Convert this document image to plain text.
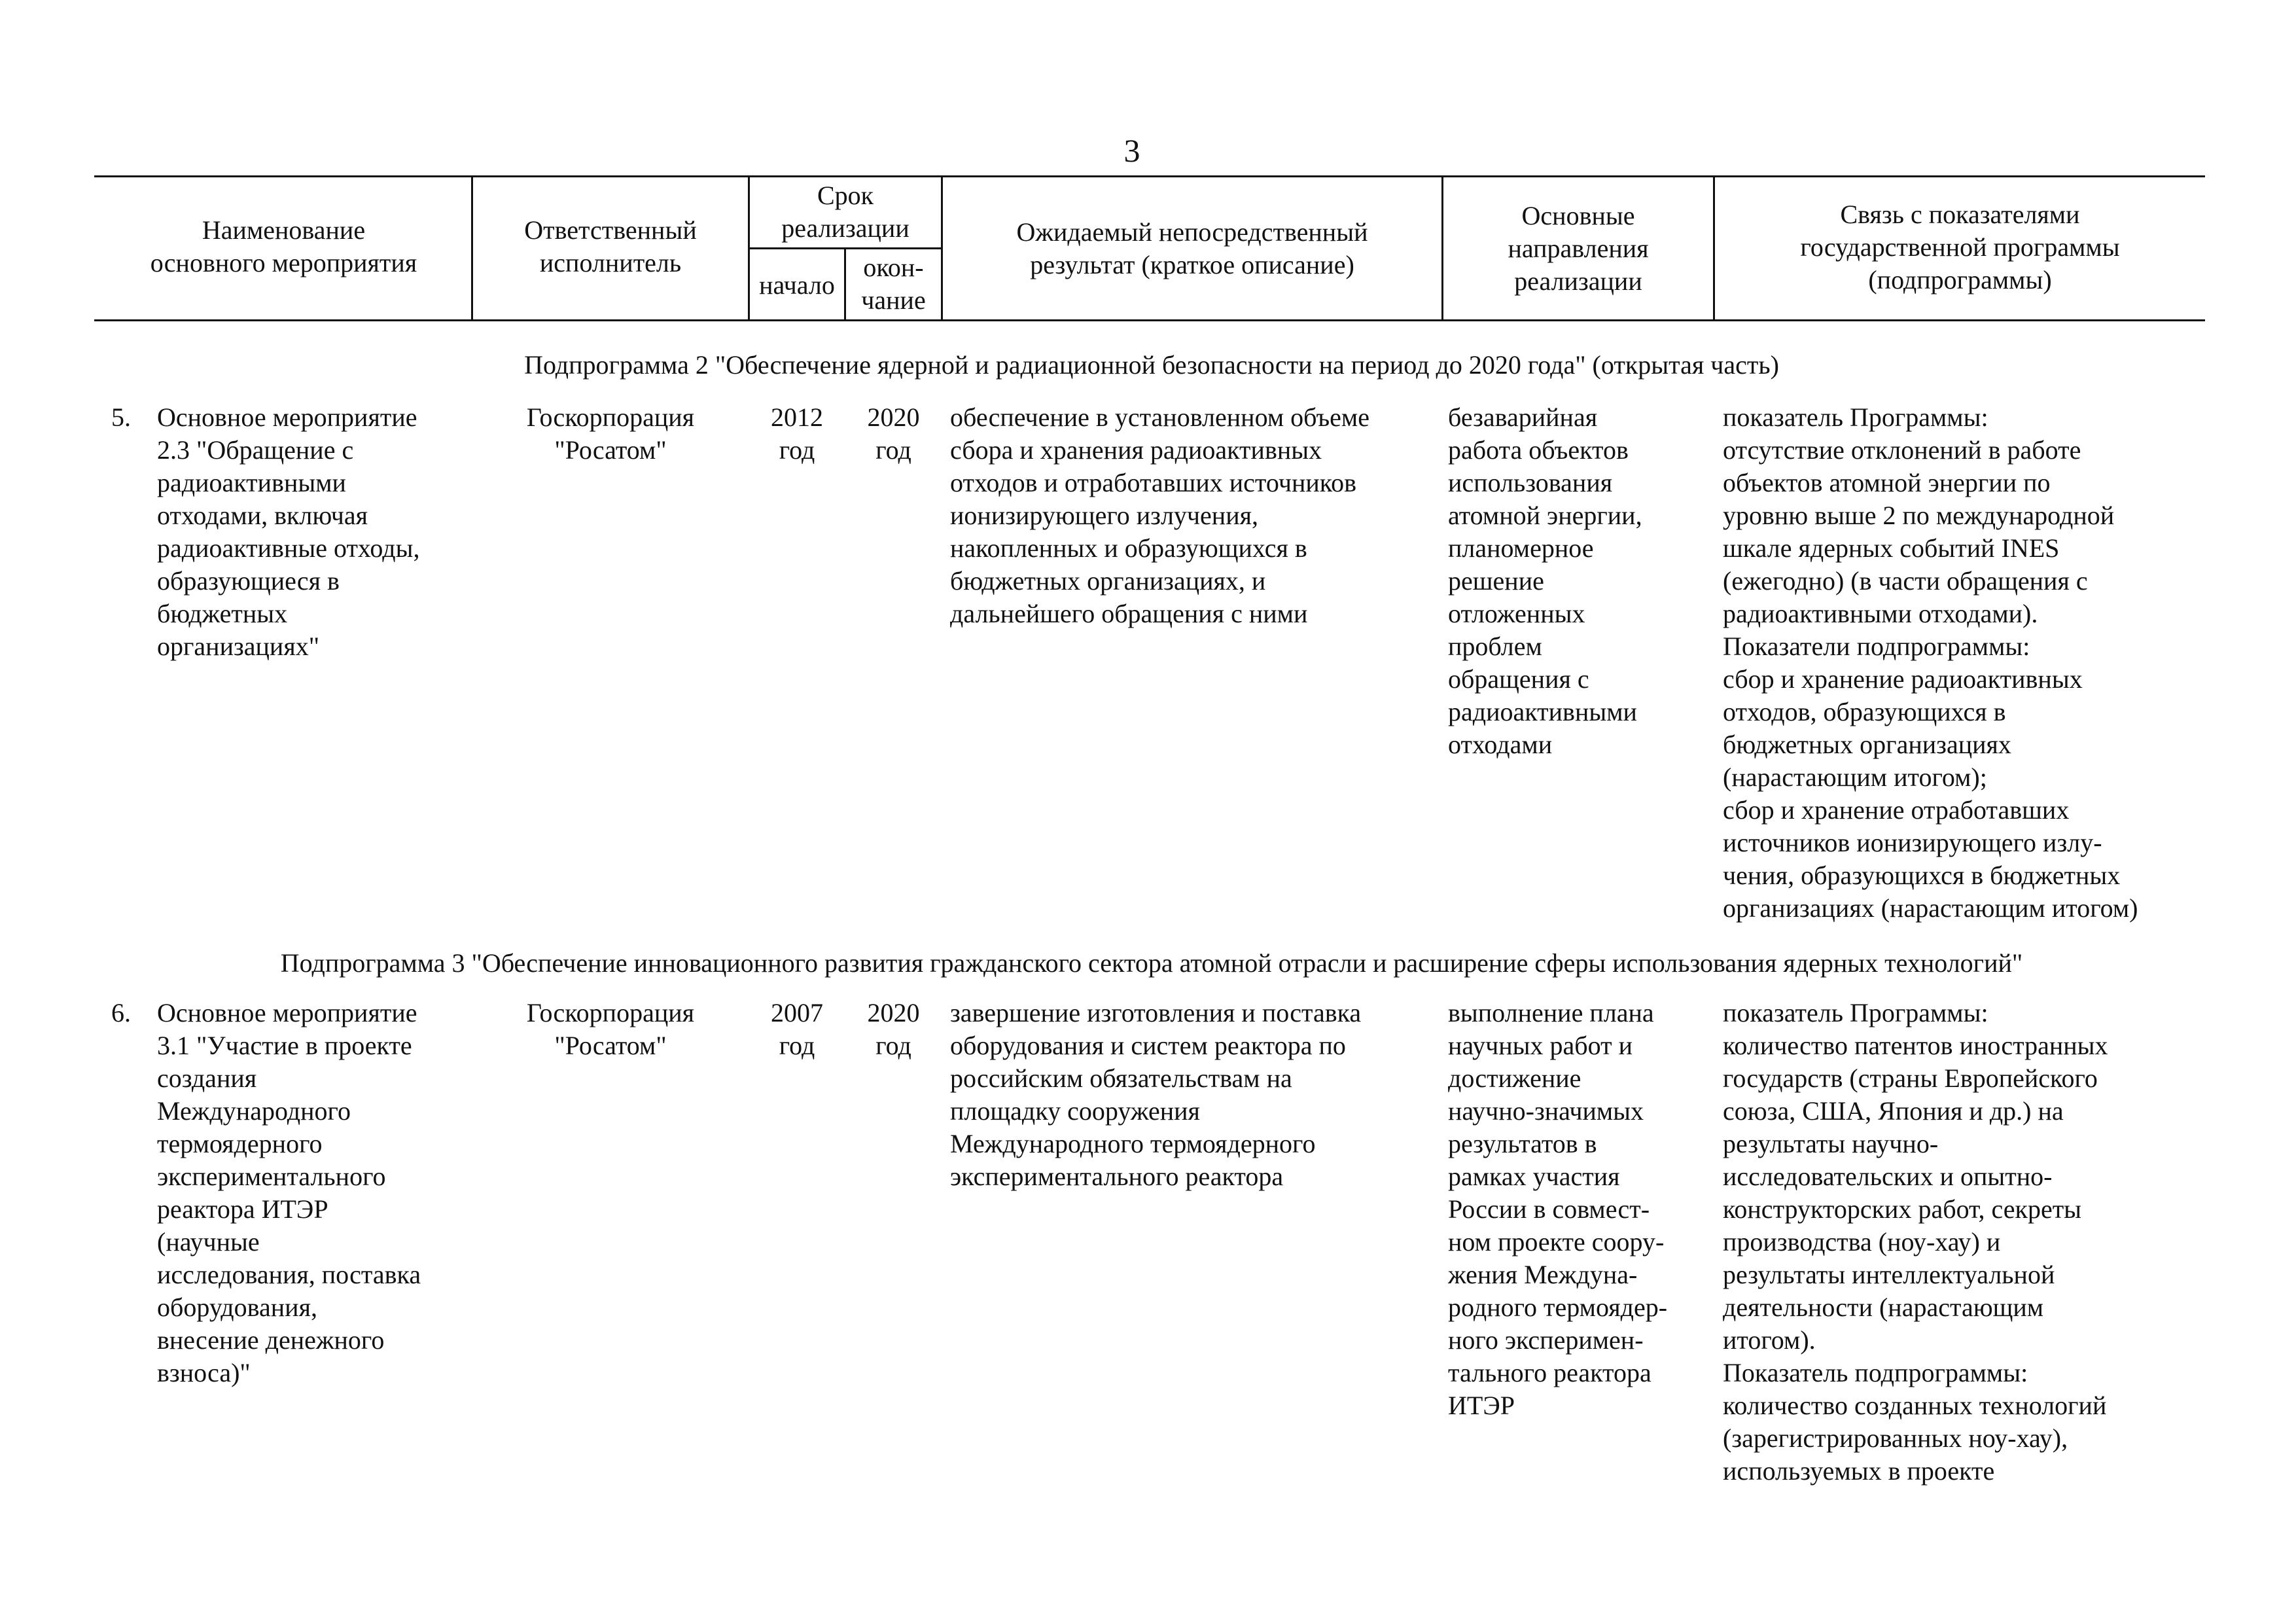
3
Наименование
основного мероприятия
Ответственный
исполнитель
Срок
реализации
начало
окон-
чание
Ожидаемый непосредственный
результат (краткое описание)
Основные
направления
реализации
Связь с показателями
государственной программы
(подпрограммы)
Подпрограмма 2 "Обеспечение ядерной и радиационной безопасности на период до 2020 года" (открытая часть)
5. Основное мероприятие
2.3 "Обращение с
радиоактивными
отходами, включая
радиоактивные отходы,
образующиеся в
бюджетных
организациях"
Госкорпорация
"Росатом"
2012
год
2020
год
обеспечение в установленном объеме
сбора и хранения радиоактивных
отходов и отработавших источников
ионизирующего излучения,
накопленных и образующихся в
бюджетных организациях, и
дальнейшего обращения с ними
безаварийная
работа объектов
использования
атомной энергии,
планомерное
решение
отложенных
проблем
обращения с
радиоактивными
отходами
показатель Программы:
отсутствие отклонений в работе
объектов атомной энергии по
уровню выше 2 по международной
шкале ядерных событий INES
(ежегодно) (в части обращения с
радиоактивными отходами).
Показатели подпрограммы:
сбор и хранение радиоактивных
отходов, образующихся в
бюджетных организациях
(нарастающим итогом);
сбор и хранение отработавших
источников ионизирующего излу-
чения, образующихся в бюджетных
организациях (нарастающим итогом)
Подпрограмма 3 "Обеспечение инновационного развития гражданского сектора атомной отрасли и расширение сферы использования ядерных технологий"
6. Основное мероприятие
3.1 "Участие в проекте
создания
Международного
термоядерного
экспериментального
реактора ИТЭР
(научные
исследования, поставка
оборудования,
внесение денежного
взноса)"
Госкорпорация
"Росатом"
2007
год
2020
год
завершение изготовления и поставка
оборудования и систем реактора по
российским обязательствам на
площадку сооружения
Международного термоядерного
экспериментального реактора
выполнение плана
научных работ и
достижение
научно-значимых
результатов в
рамках участия
России в совмест-
ном проекте соору-
жения Междуна-
родного термоядер-
ного эксперимен-
тального реактора
ИТЭР
показатель Программы:
количество патентов иностранных
государств (страны Европейского
союза, США, Япония и др.) на
результаты научно-
исследовательских и опытно-
конструкторских работ, секреты
производства (ноу-хау) и
результаты интеллектуальной
деятельности (нарастающим
итогом).
Показатель подпрограммы:
количество созданных технологий
(зарегистрированных ноу-хау),
используемых в проекте
